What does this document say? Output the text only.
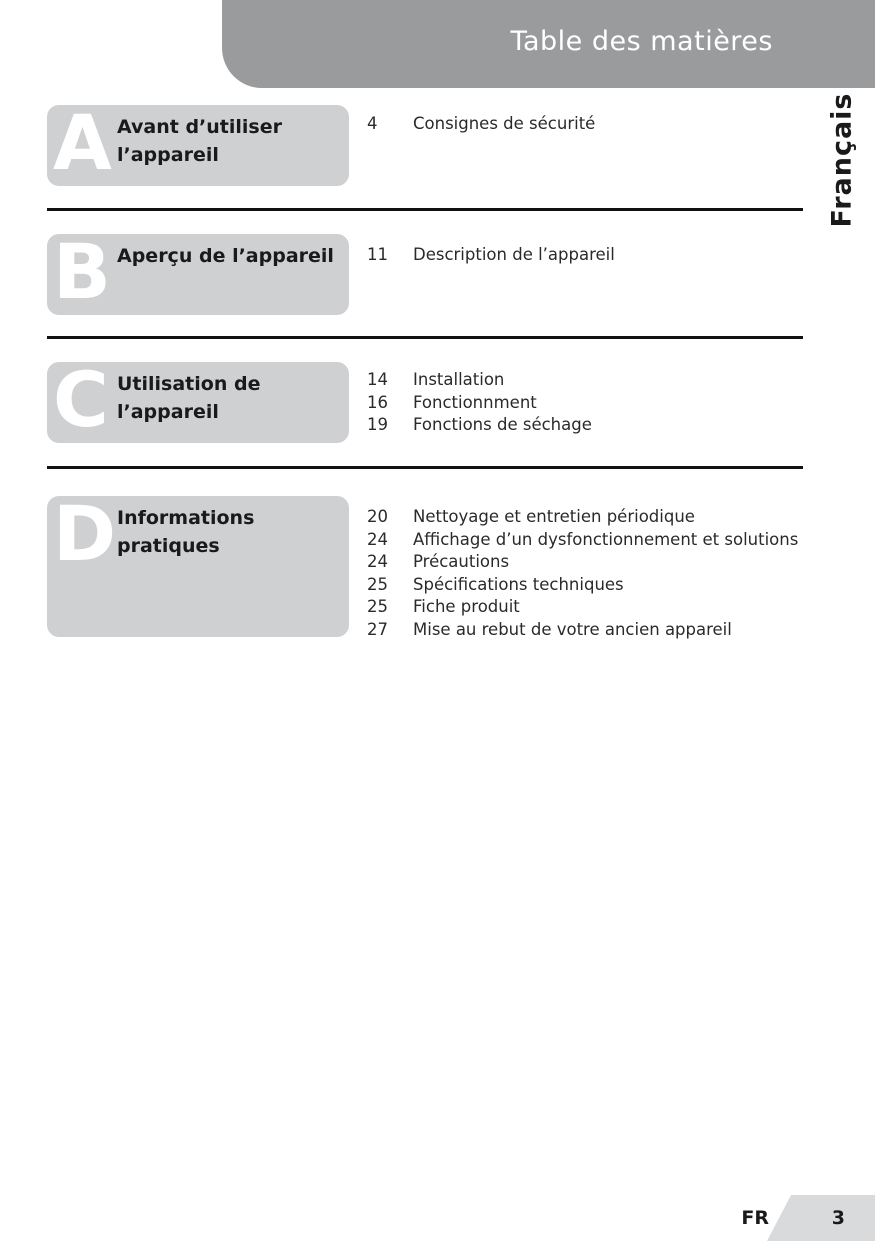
Table des matières
Français
A Avant d’utiliser l’appareil
4 Consignes de sécurité
B Aperçu de l’appareil	11 Description de l’appareil
C Utilisation de l’appareil
14 Installation
16 Fonctionnment
19 Fonctions de séchage
D Informations pratiques
20 Nettoyage et entretien périodique
24 Affichage d’un dysfonctionnement et solutions
24 Précautions
25 Spécifications techniques
25 Fiche produit
27 Mise au rebut de votre ancien appareil
FR	3
